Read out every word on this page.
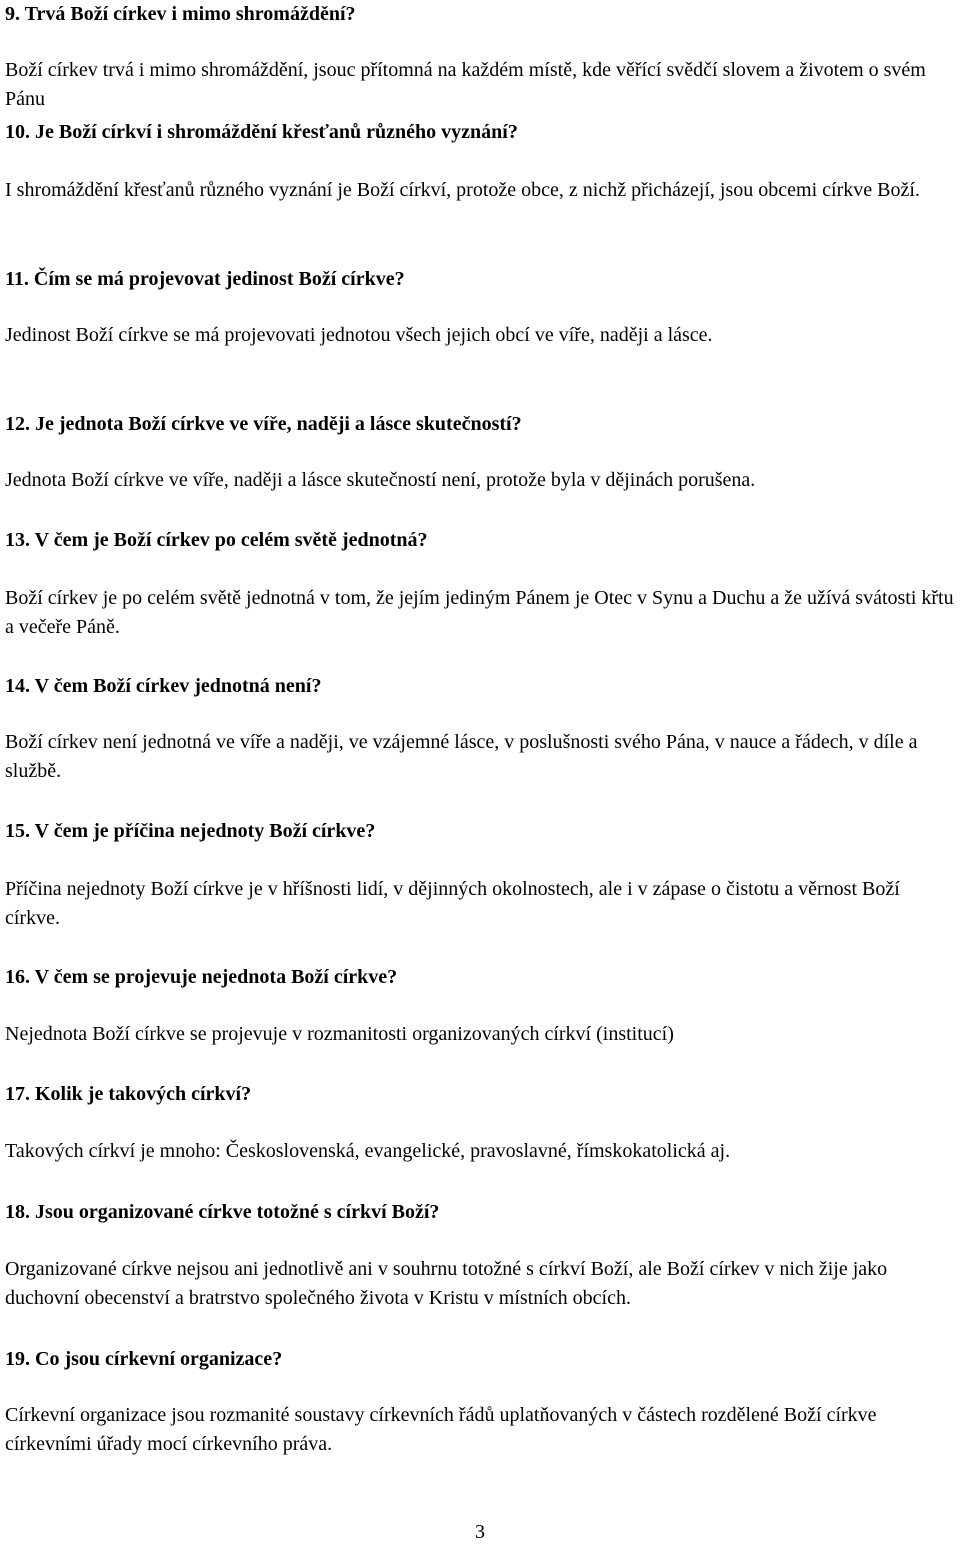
9. Trvá Boží církev i mimo shromáždění?

Boží církev trvá i mimo shromáždění, jsouc přítomná na každém místě, kde věřící svědčí slovem a životem o svém Pánu

10. Je Boží církví i shromáždění křesťanů různého vyznání?

I shromáždění křesťanů různého vyznání je Boží církví, protože obce, z nichž přicházejí, jsou obcemi církve Boží.

11. Čím se má projevovat jedinost Boží církve?

Jedinost Boží církve se má projevovati jednotou všech jejich obcí ve víře, naději a lásce.

12. Je jednota Boží církve ve víře, naději a lásce skutečností?

Jednota Boží církve ve víře, naději a lásce skutečností není, protože byla v dějinách porušena.

13. V čem je Boží církev po celém světě jednotná?

Boží církev je po celém světě jednotná v tom, že jejím jediným Pánem je Otec v Synu a Duchu a že užívá svátosti křtu a večeře Páně.

14. V čem Boží církev jednotná není?

Boží církev není jednotná ve víře a naději, ve vzájemné lásce, v poslušnosti svého Pána, v nauce a řádech, v díle a službě.

15. V čem je příčina nejednoty Boží církve?

Příčina nejednoty Boží církve je v hříšnosti lidí, v dějinných okolnostech, ale i v zápase o čistotu a věrnost Boží církve.

16. V čem se projevuje nejednota Boží církve?

Nejednota Boží církve se projevuje v rozmanitosti organizovaných církví (institucí)

17. Kolik je takových církví?

Takových církví je mnoho: Československá, evangelické, pravoslavné, římskokatolická aj.

18. Jsou organizované církve totožné s církví Boží?

Organizované církve nejsou ani jednotlivě ani v souhrnu totožné s církví Boží, ale Boží církev v nich žije jako duchovní obecenství a bratrstvo společného života v Kristu v místních obcích.

19. Co jsou církevní organizace?

Církevní organizace jsou rozmanité soustavy církevních řádů uplatňovaných v částech rozdělené Boží církve církevními úřady mocí církevního práva.

3
